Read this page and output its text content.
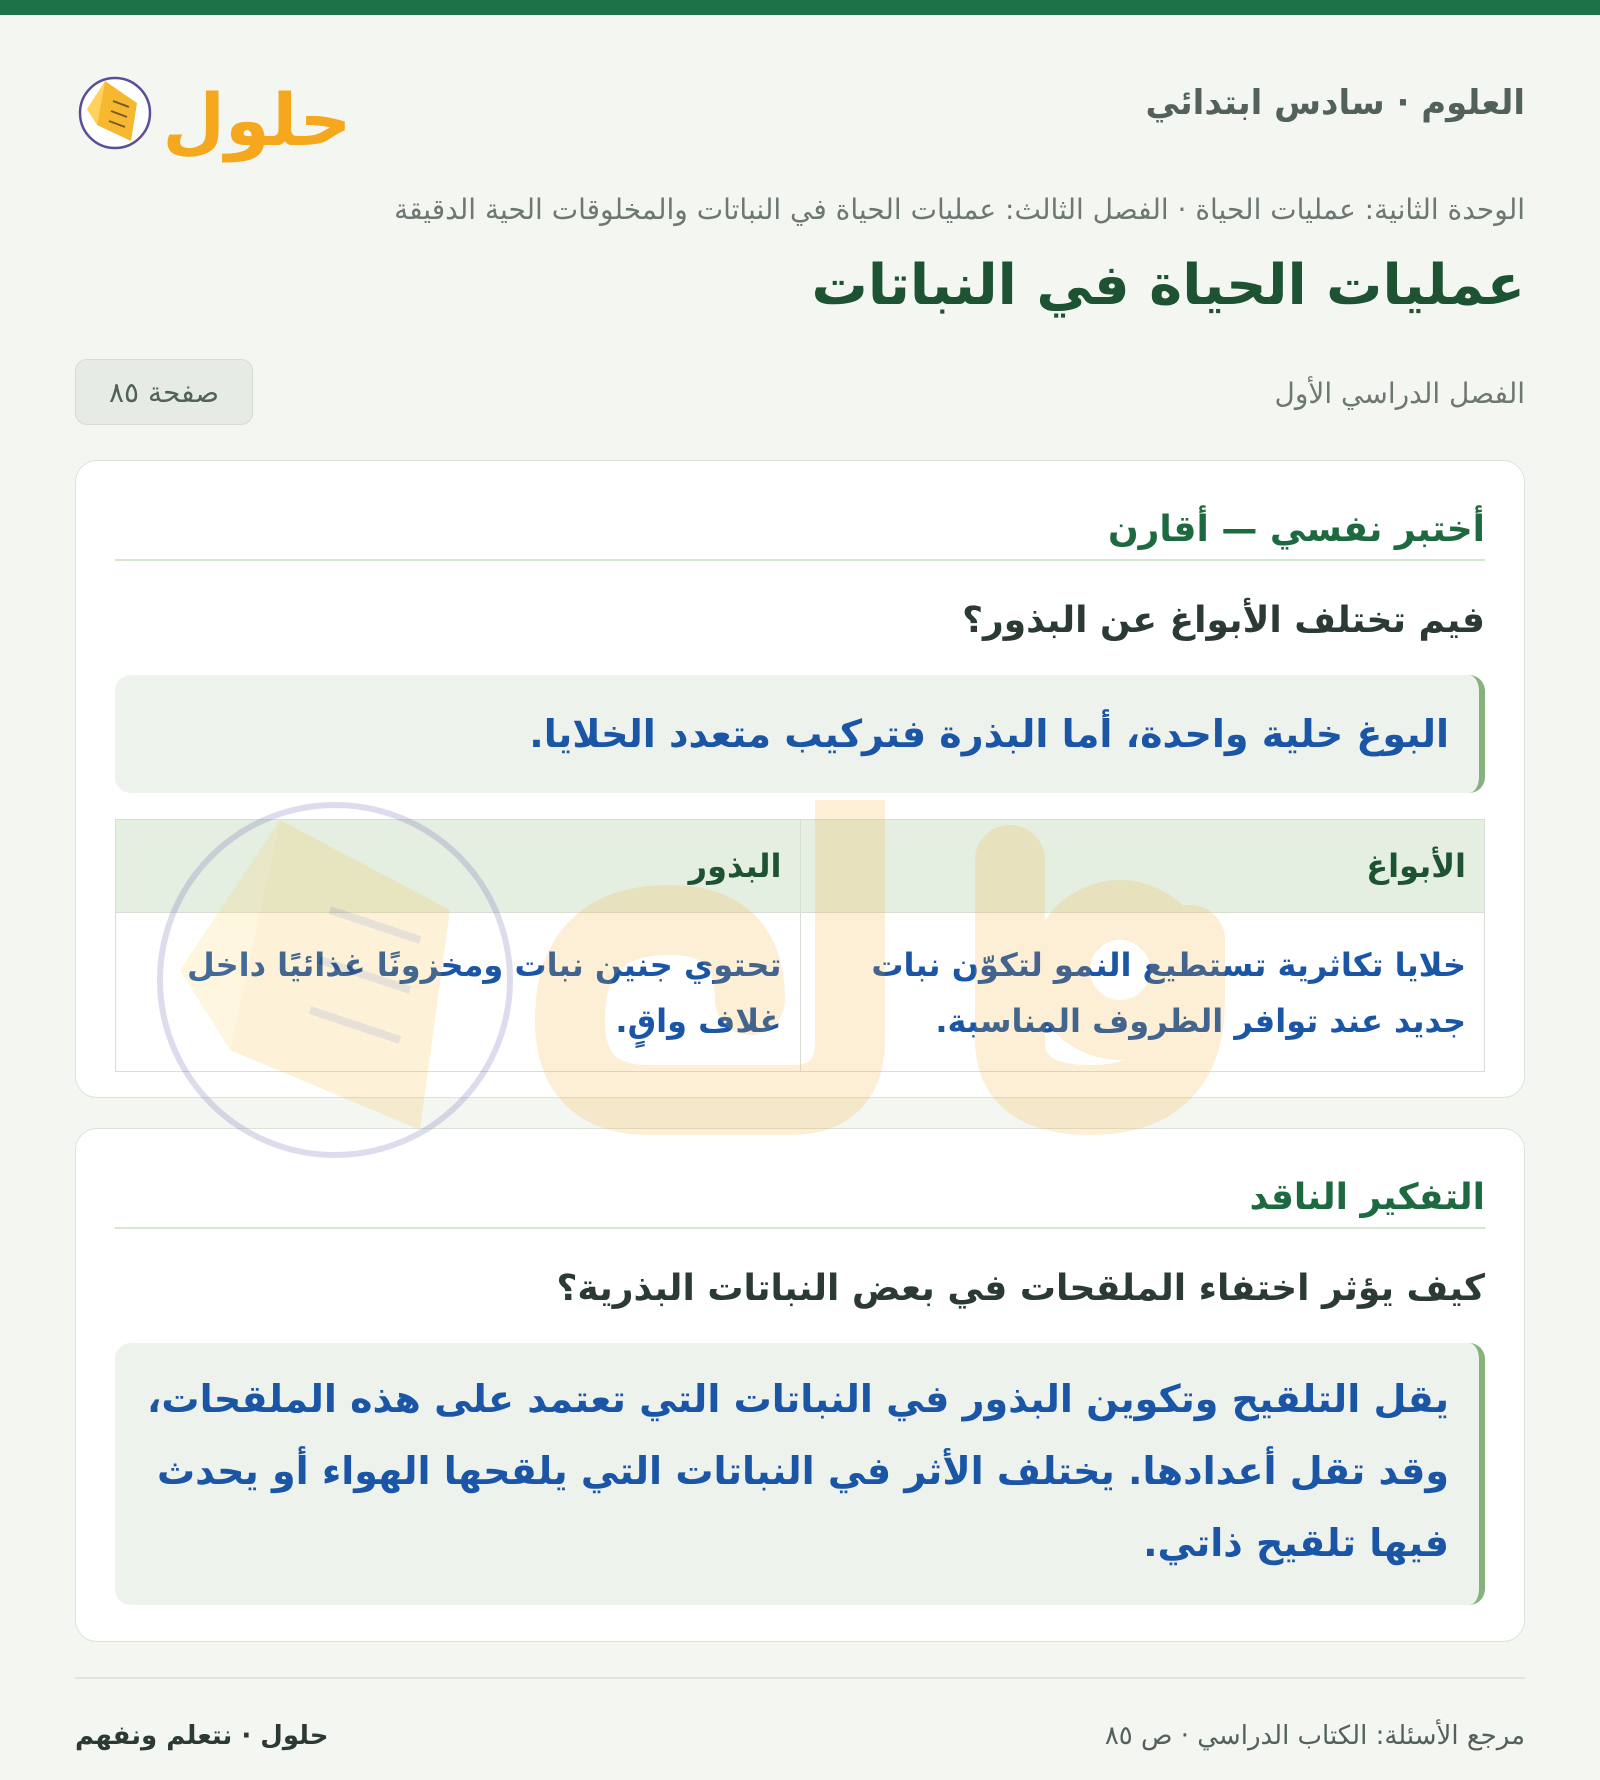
العلوم · سادس ابتدائي
حلول
الوحدة الثانية: عمليات الحياة · الفصل الثالث: عمليات الحياة في النباتات والمخلوقات الحية الدقيقة
عمليات الحياة في النباتات
الفصل الدراسي الأول
صفحة ٨٥
أختبر نفسي — أقارن
فيم تختلف الأبواغ عن البذور؟
البوغ خلية واحدة، أما البذرة فتركيب متعدد الخلايا.
الأبواغ	البذور
خلايا تكاثرية تستطيع النمو لتكوّن نبات جديد عند توافر الظروف المناسبة.	تحتوي جنين نبات ومخزونًا غذائيًا داخل غلاف واقٍ.
التفكير الناقد
كيف يؤثر اختفاء الملقحات في بعض النباتات البذرية؟
يقل التلقيح وتكوين البذور في النباتات التي تعتمد على هذه الملقحات، وقد تقل أعدادها. يختلف الأثر في النباتات التي يلقحها الهواء أو يحدث فيها تلقيح ذاتي.
مرجع الأسئلة: الكتاب الدراسي · ص ٨٥
حلول · نتعلم ونفهم
